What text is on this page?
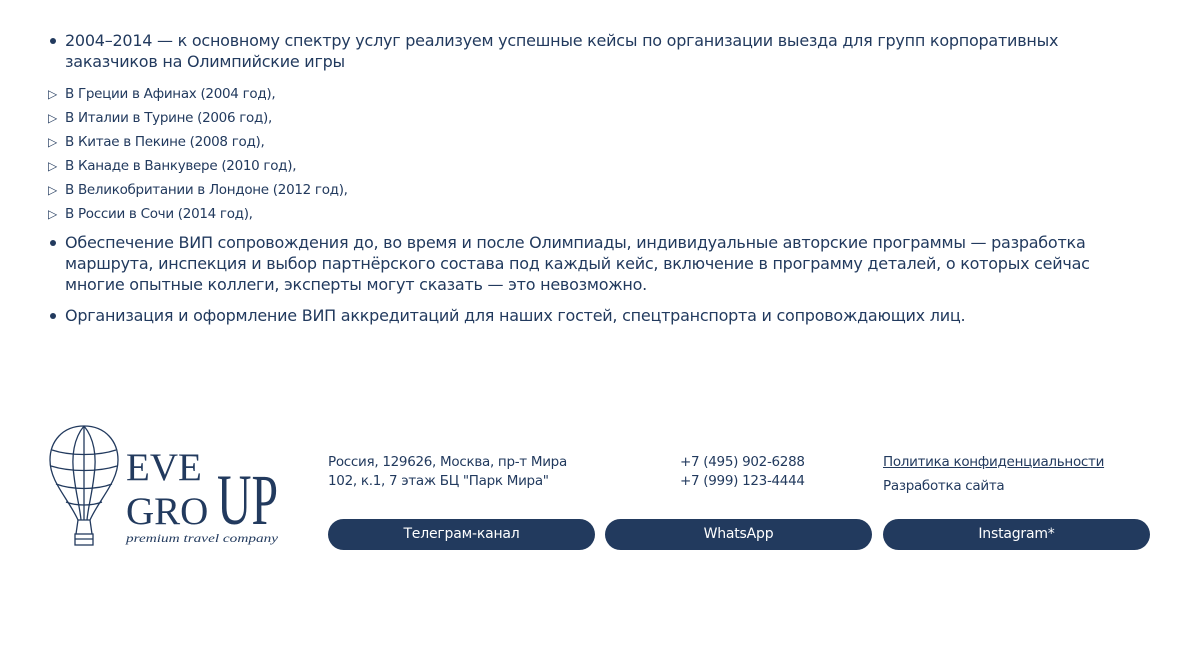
2004–2014 — к основному спектру услуг реализуем успешные кейсы по организации выезда для групп корпоративных заказчиков на Олимпийские игры
▷ В Греции в Афинах (2004 год),
▷ В Италии в Турине (2006 год),
▷ В Китае в Пекине (2008 год),
▷ В Канаде в Ванкувере (2010 год),
▷ В Великобритании в Лондоне (2012 год),
▷ В России в Сочи (2014 год),
Обеспечение ВИП сопровождения до, во время и после Олимпиады, индивидуальные авторские программы — разработка маршрута, инспекция и выбор партнёрского состава под каждый кейс, включение в программу деталей, о которых сейчас многие опытные коллеги, эксперты могут сказать — это невозможно.
Организация и оформление ВИП аккредитаций для наших гостей, спецтранспорта и сопровождающих лиц.
EVE
GRO UP
premium travel company
Россия, 129626, Москва, пр-т Мира
102, к.1, 7 этаж БЦ "Парк Мира"
+7 (495) 902-6288
+7 (999) 123-4444
Политика конфиденциальности
Разработка сайта
Телеграм-канал	WhatsApp	Instagram*
